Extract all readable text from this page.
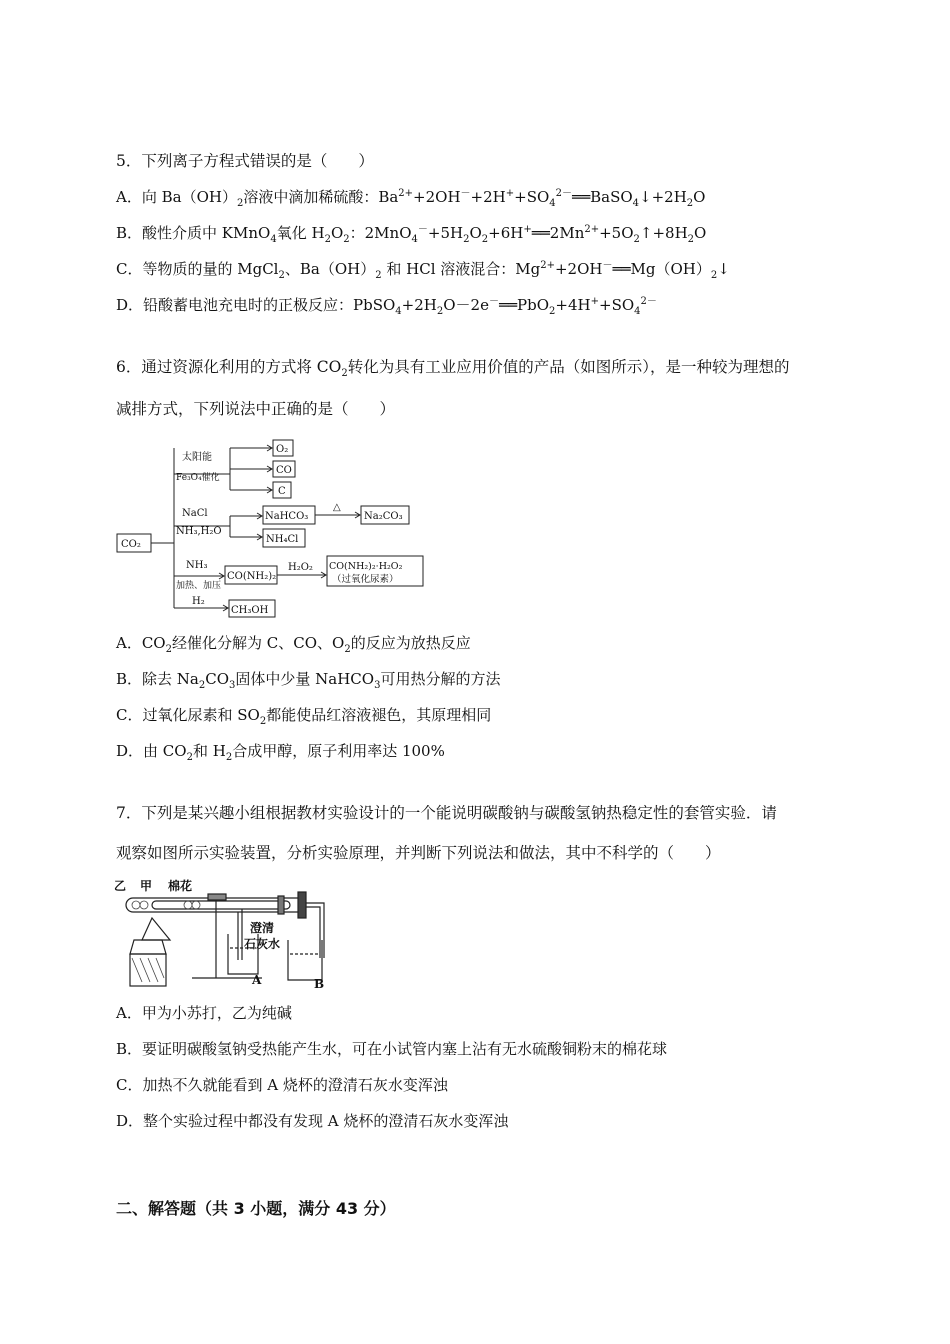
5．下列离子方程式错误的是（　　）
A．向 $Ba(OH)_2$溶液中滴加稀硫酸：$Ba^{2+}+2OH^-+2H^++SO_4^{2-}══BaSO_4↓+2H_2O$
B．酸性介质中 KMnO$_4$氧化 $H_2O_2$：$2MnO_4^-+5H_2O_2+6H^+══2Mn^{2+}+5O_2↑+8H_2O$
C．等物质的量的 MgCl$_2$、$Ba(OH)_2$ 和 HCl 溶液混合：$Mg^{2+}+2OH^-══Mg(OH)_2↓$
D．铅酸蓄电池充电时的正极反应：$PbSO_4+2H_2O-2e^-══PbO_2+4H^++SO_4^{2-}$
6．通过资源化利用的方式将 $CO_2$转化为具有工业应用价值的产品（如图所示），是一种较为理想的
减排方式，下列说法中正确的是（　　）
CO₂
太阳能
Fe₃O₄催化
O₂
CO
C
NaCl
NH₃,H₂O
NaHCO₃
△
Na₂CO₃
NH₄Cl
NH₃
加热、加压
CO(NH₂)₂
H₂O₂ CO(NH₂)₂·H₂O₂
（过氧化尿素）
H₂
CH₃OH
A．$CO_2$经催化分解为 C、CO、$O_2$的反应为放热反应
B．除去 $Na_2CO_3$固体中少量 NaHCO$_3$可用热分解的方法
C．过氧化尿素和 $SO_2$都能使品红溶液褪色，其原理相同
D．由 $CO_2$和 $H_2$合成甲醇，原子利用率达 100%
7．下列是某兴趣小组根据教材实验设计的一个能说明碳酸钠与碳酸氢钠热稳定性的套管实验．请
观察如图所示实验装置，分析实验原理，并判断下列说法和做法，其中不科学的（　　）
乙 甲 棉花
澄清
石灰水
A	B
A．甲为小苏打，乙为纯碱
B．要证明碳酸氢钠受热能产生水，可在小试管内塞上沾有无水硫酸铜粉末的棉花球
C．加热不久就能看到 A 烧杯的澄清石灰水变浑浊
D．整个实验过程中都没有发现 A 烧杯的澄清石灰水变浑浊
二、解答题（共 3 小题，满分 43 分）
